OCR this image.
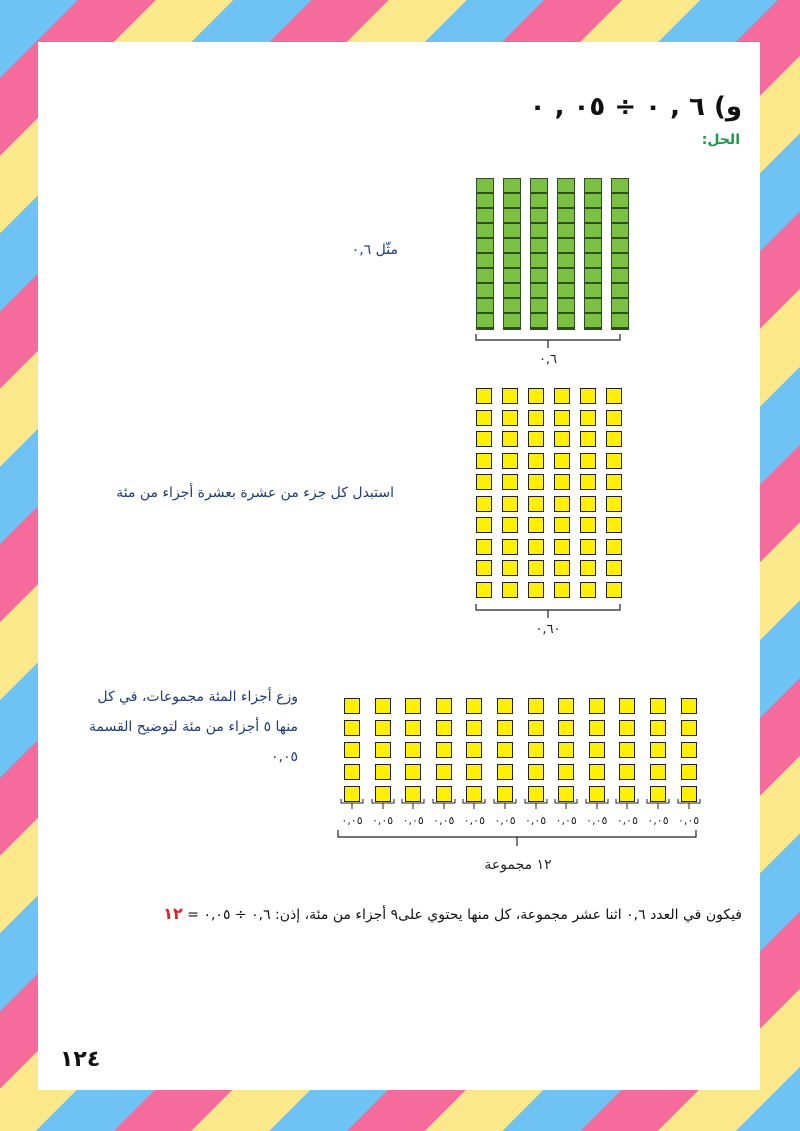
و) ٦ , ٠ ÷ ٠٥ , ٠
الحل:
مثّل ٠,٦
٠,٦
استبدل كل جزء من عشرة بعشرة أجزاء من مئة
٠,٦٠
وزع أجزاء المئة مجموعات، في كل
منها ٥ أجزاء من مئة لتوضيح القسمة
٠,٠٥
٠,٠٥ ٠,٠٥ ٠,٠٥ ٠,٠٥ ٠,٠٥ ٠,٠٥ ٠,٠٥ ٠,٠٥ ٠,٠٥ ٠,٠٥ ٠,٠٥ ٠,٠٥
١٢ مجموعة
فيكون في العدد ٠,٦ اثنا عشر مجموعة، كل منها يحتوي على٩ أجزاء من مئة، إذن: ٠,٦ ÷ ٠,٠٥ = ١٢
١٢٤
